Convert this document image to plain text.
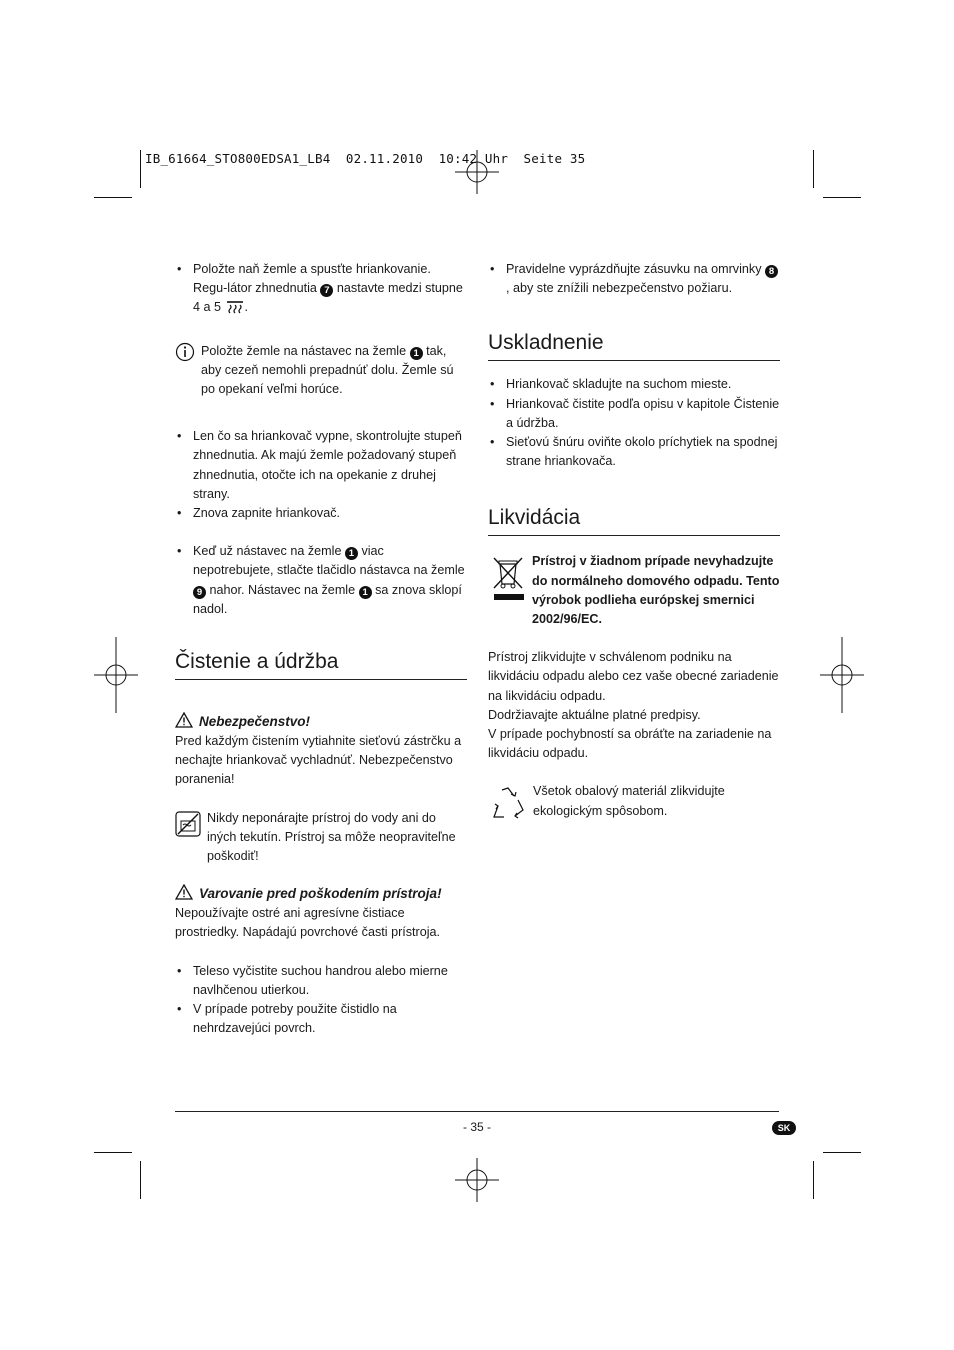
IB_61664_STO800EDSA1_LB4  02.11.2010  10:42 Uhr  Seite 35

• Položte naň žemle a spusťte hriankovanie. Regu-látor zhnednutia 7 nastavte medzi stupne 4 a 5 .

Položte žemle na nástavec na žemle 1 tak, aby cezeň nemohli prepadnúť dolu. Žemle sú po opekaní veľmi horúce.

• Len čo sa hriankovač vypne, skontrolujte stupeň zhnednutia. Ak majú žemle požadovaný stupeň zhnednutia, otočte ich na opekanie z druhej strany.

• Znova zapnite hriankovač.

• Keď už nástavec na žemle 1 viac nepotrebujete, stlačte tlačidlo nástavca na žemle 9 nahor. Nástavec na žemle 1 sa znova sklopí nadol.

Čistenie a údržba

Nebezpečenstvo!

Pred každým čistením vytiahnite sieťovú zástrčku a nechajte hriankovač vychladnúť. Nebezpečenstvo poranenia!

Nikdy neponárajte prístroj do vody ani do iných tekutín. Prístroj sa môže neopraviteľne poškodiť!

Varovanie pred poškodením prístroja!

Nepoužívajte ostré ani agresívne čistiace prostriedky. Napádajú povrchové časti prístroja.

• Teleso vyčistite suchou handrou alebo mierne navlhčenou utierkou.

• V prípade potreby použite čistidlo na nehrdzavejúci povrch.

• Pravidelne vyprázdňujte zásuvku na omrvinky 8, aby ste znížili nebezpečenstvo požiaru.

Uskladnenie

• Hriankovač skladujte na suchom mieste.

• Hriankovač čistite podľa opisu v kapitole Čistenie a údržba.

• Sieťovú šnúru oviňte okolo príchytiek na spodnej strane hriankovača.

Likvidácia
Prístroj v žiadnom prípade nevyhadzujte do normálneho domového odpadu. Tento výrobok podlieha európskej smernici 2002/96/EC.

Prístroj zlikvidujte v schválenom podniku na likvidáciu odpadu alebo cez vaše obecné zariadenie na likvidáciu odpadu.

Dodržiavajte aktuálne platné predpisy.

V prípade pochybností sa obráťte na zariadenie na likvidáciu odpadu.

Všetok obalový materiál zlikvidujte ekologickým spôsobom.
- 35 -	SK
